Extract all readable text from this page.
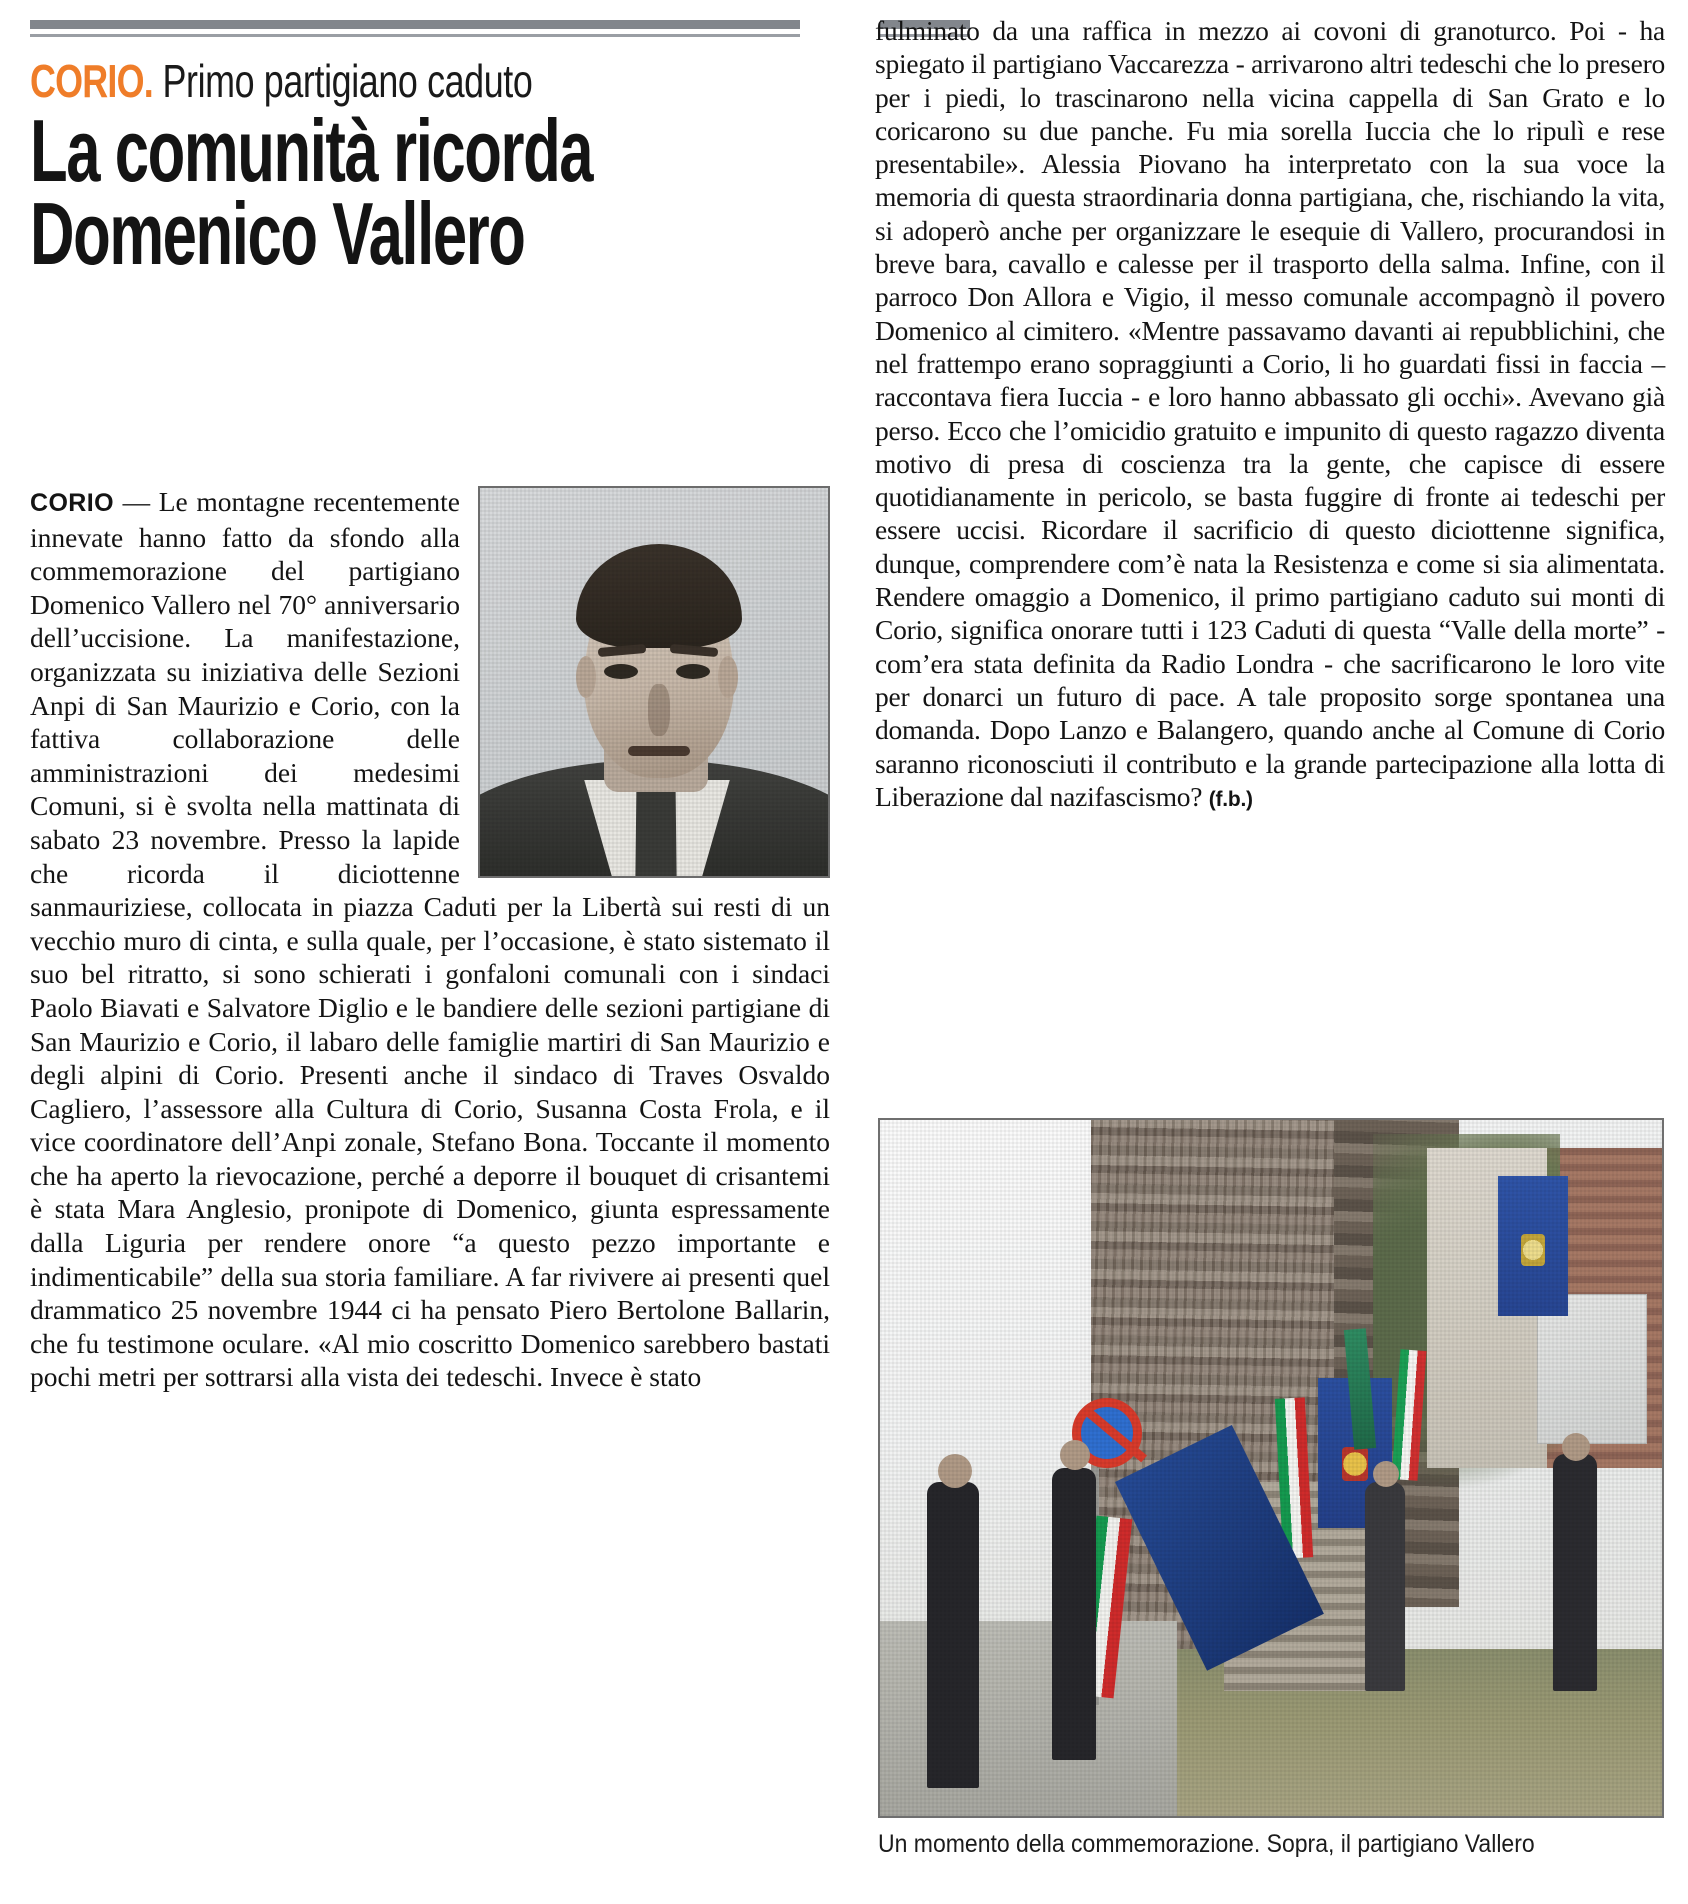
CORIO. Primo partigiano caduto
La comunità ricorda
Domenico Vallero
CORIO — Le montagne recentemente innevate hanno fatto da sfondo alla commemorazione del partigiano Domenico Vallero nel 70° anniversario dell’uccisione. La manifestazione, organizzata su iniziativa delle Sezioni Anpi di San Maurizio e Corio, con la fattiva collaborazione delle amministrazioni dei medesimi Comuni, si è svolta nella mattinata di sabato 23 novembre. Presso la lapide che ricorda il diciottenne sanmauriziese, collocata in piazza Caduti per la Libertà sui resti di un vecchio muro di cinta, e sulla quale, per l’occasione, è stato sistemato il suo bel ritratto, si sono schierati i gonfaloni comunali con i sindaci Paolo Biavati e Salvatore Diglio e le bandiere delle sezioni partigiane di San Maurizio e Corio, il labaro delle famiglie martiri di San Maurizio e degli alpini di Corio. Presenti anche il sindaco di Traves Osvaldo Cagliero, l’assessore alla Cultura di Corio, Susanna Costa Frola, e il vice coordinatore dell’Anpi zonale, Stefano Bona. Toccante il momento che ha aperto la rievocazione, perché a deporre il bouquet di crisantemi è stata Mara Anglesio, pronipote di Domenico, giunta espressamente dalla Liguria per rendere onore “a questo pezzo importante e indimenticabile” della sua storia familiare. A far rivivere ai presenti quel drammatico 25 novembre 1944 ci ha pensato Piero Bertolone Ballarin, che fu testimone oculare. «Al mio coscritto Domenico sarebbero bastati pochi metri per sottrarsi alla vista dei tedeschi. Invece è stato
fulminato da una raffica in mezzo ai covoni di granoturco. Poi - ha spiegato il partigiano Vaccarezza - arrivarono altri tedeschi che lo presero per i piedi, lo trascinarono nella vicina cappella di San Grato e lo coricarono su due panche. Fu mia sorella Iuccia che lo ripulì e rese presentabile». Alessia Piovano ha interpretato con la sua voce la memoria di questa straordinaria donna partigiana, che, rischiando la vita, si adoperò anche per organizzare le esequie di Vallero, procurandosi in breve bara, cavallo e calesse per il trasporto della salma. Infine, con il parroco Don Allora e Vigio, il messo comunale accompagnò il povero Domenico al cimitero. «Mentre passavamo davanti ai repubblichini, che nel frattempo erano sopraggiunti a Corio, li ho guardati fissi in faccia – raccontava fiera Iuccia - e loro hanno abbassato gli occhi». Avevano già perso. Ecco che l’omicidio gratuito e impunito di questo ragazzo diventa motivo di presa di coscienza tra la gente, che capisce di essere quotidianamente in pericolo, se basta fuggire di fronte ai tedeschi per essere uccisi. Ricordare il sacrificio di questo diciottenne significa, dunque, comprendere com’è nata la Resistenza e come si sia alimentata. Rendere omaggio a Domenico, il primo partigiano caduto sui monti di Corio, significa onorare tutti i 123 Caduti di questa “Valle della morte” - com’era stata definita da Radio Londra - che sacrificarono le loro vite per donarci un futuro di pace. A tale proposito sorge spontanea una domanda. Dopo Lanzo e Balangero, quando anche al Comune di Corio saranno riconosciuti il contributo e la grande partecipazione alla lotta di Liberazione dal nazifascismo? (f.b.)
Un momento della commemorazione. Sopra, il partigiano Vallero
